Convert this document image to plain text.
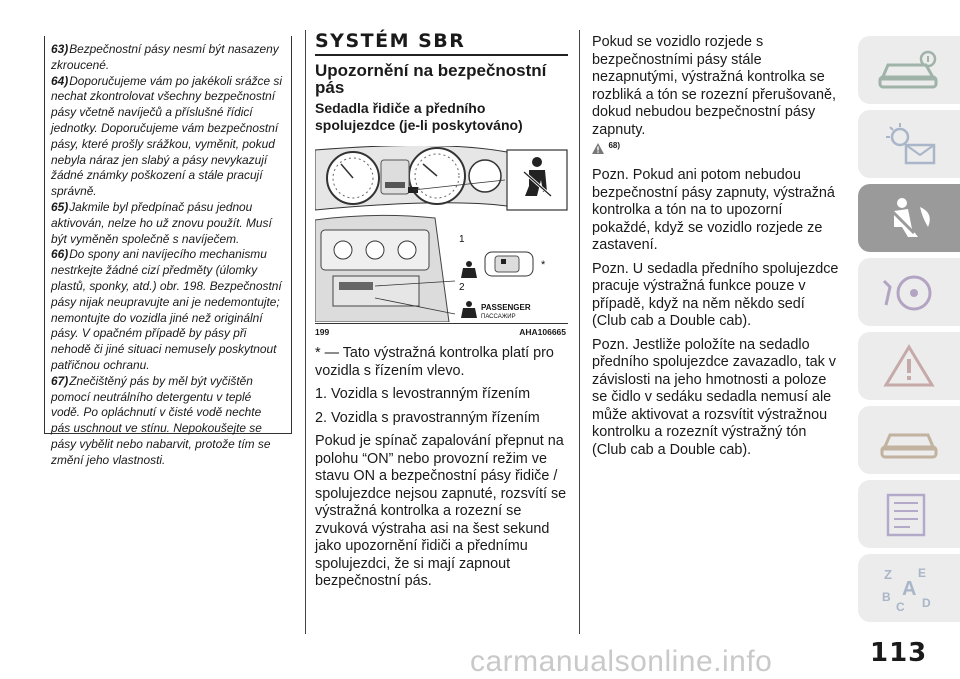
63)Bezpečnostní pásy nesmí být nasazeny zkroucené.

64)Doporučujeme vám po jakékoli srážce si nechat zkontrolovat všechny bezpečnostní pásy včetně navíječů a příslušné řídicí jednotky. Doporučujeme vám bezpečnostní pásy, které prošly srážkou, vyměnit, pokud nebyla náraz jen slabý a pásy nevykazují žádné známky poškození a stále pracují správně.

65)Jakmile byl předpínač pásu jednou aktivován, nelze ho už znovu použít. Musí být vyměněn společně s navíječem.

66)Do spony ani navíjecího mechanismu nestrkejte žádné cizí předměty (úlomky plastů, sponky, atd.) obr. 198. Bezpečnostní pásy nijak neupravujte ani je nedemontujte; nemontujte do vozidla jiné než originální pásy. V opačném případě by pásy při nehodě či jiné situaci nemusely poskytnout patřičnou ochranu.

67)Znečištěný pás by měl být vyčištěn pomocí neutrálního detergentu v teplé vodě. Po opláchnutí v čisté vodě nechte pás uschnout ve stínu. Nepokoušejte se pásy vybělit nebo nabarvit, protože tím se změní jeho vlastnosti.

SYSTÉM SBR
Upozornění na bezpečnostní pás
Sedadla řidiče a předního spolujezdce (je-li poskytováno)
1
2
*
PASSENGER
ПАССАЖИР
199	AHA106665

* — Tato výstražná kontrolka platí pro vozidla s řízením vlevo.

1. Vozidla s levostranným řízením

2. Vozidla s pravostranným řízením

Pokud je spínač zapalování přepnut na polohu “ON” nebo provozní režim ve stavu ON a bezpečnostní pásy řidiče / spolujezdce nejsou zapnuté, rozsvítí se výstražná kontrolka a rozezní se zvuková výstraha asi na šest sekund jako upozornění řidiči a přednímu spolujezdci, že si mají zapnout bezpečnostní pás.

Pokud se vozidlo rozjede s bezpečnostními pásy stále nezapnutými, výstražná kontrolka se rozbliká a tón se rozezní přerušovaně, dokud nebudou bezpečnostní pásy zapnuty.

$^{68)}$

Pozn. Pokud ani potom nebudou bezpečnostní pásy zapnuty, výstražná kontrolka a tón na to upozorní pokaždé, když se vozidlo rozjede ze zastavení.

Pozn. U sedadla předního spolujezdce pracuje výstražná funkce pouze v případě, když na něm někdo sedí (Club cab a Double cab).

Pozn. Jestliže položíte na sedadlo předního spolujezdce zavazadlo, tak v závislosti na jeho hmotnosti a poloze se čidlo v sedáku sedadla nemusí ale může aktivovat a rozsvítit výstražnou kontrolku a rozeznít výstražný tón (Club cab a Double cab).

Z E
B A
C D
carmanualsonline.info	113
